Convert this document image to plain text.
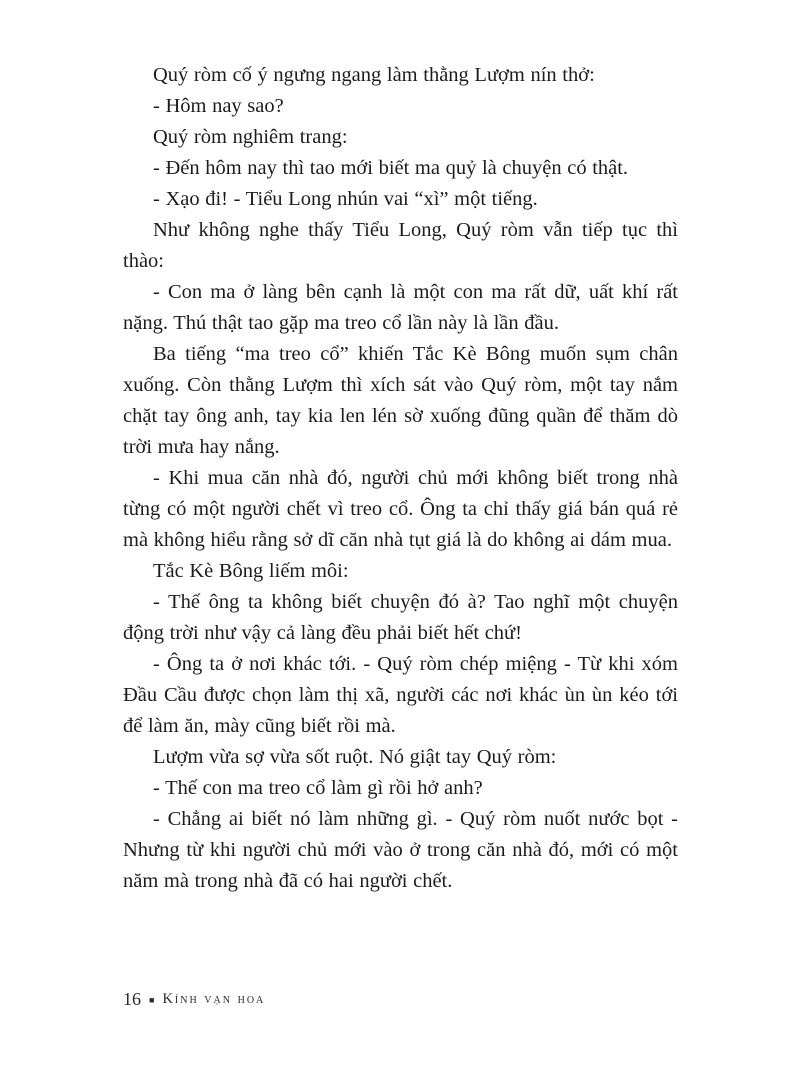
Quý ròm cố ý ngưng ngang làm thằng Lượm nín thở:

- Hôm nay sao?

Quý ròm nghiêm trang:

- Đến hôm nay thì tao mới biết ma quỷ là chuyện có thật.

- Xạo đi! - Tiểu Long nhún vai “xì” một tiếng.

Như không nghe thấy Tiểu Long, Quý ròm vẫn tiếp tục thì thào:

- Con ma ở làng bên cạnh là một con ma rất dữ, uất khí rất nặng. Thú thật tao gặp ma treo cổ lần này là lần đầu.

Ba tiếng “ma treo cổ” khiến Tắc Kè Bông muốn sụm chân xuống. Còn thằng Lượm thì xích sát vào Quý ròm, một tay nắm chặt tay ông anh, tay kia len lén sờ xuống đũng quần để thăm dò trời mưa hay nắng.

- Khi mua căn nhà đó, người chủ mới không biết trong nhà từng có một người chết vì treo cổ. Ông ta chỉ thấy giá bán quá rẻ mà không hiểu rằng sở dĩ căn nhà tụt giá là do không ai dám mua.

Tắc Kè Bông liếm môi:

- Thế ông ta không biết chuyện đó à? Tao nghĩ một chuyện động trời như vậy cả làng đều phải biết hết chứ!

- Ông ta ở nơi khác tới. - Quý ròm chép miệng - Từ khi xóm Đầu Cầu được chọn làm thị xã, người các nơi khác ùn ùn kéo tới để làm ăn, mày cũng biết rồi mà.

Lượm vừa sợ vừa sốt ruột. Nó giật tay Quý ròm:

- Thế con ma treo cổ làm gì rồi hở anh?

- Chẳng ai biết nó làm những gì. - Quý ròm nuốt nước bọt - Nhưng từ khi người chủ mới vào ở trong căn nhà đó, mới có một năm mà trong nhà đã có hai người chết.

16 ■ Kính vạn hoa
